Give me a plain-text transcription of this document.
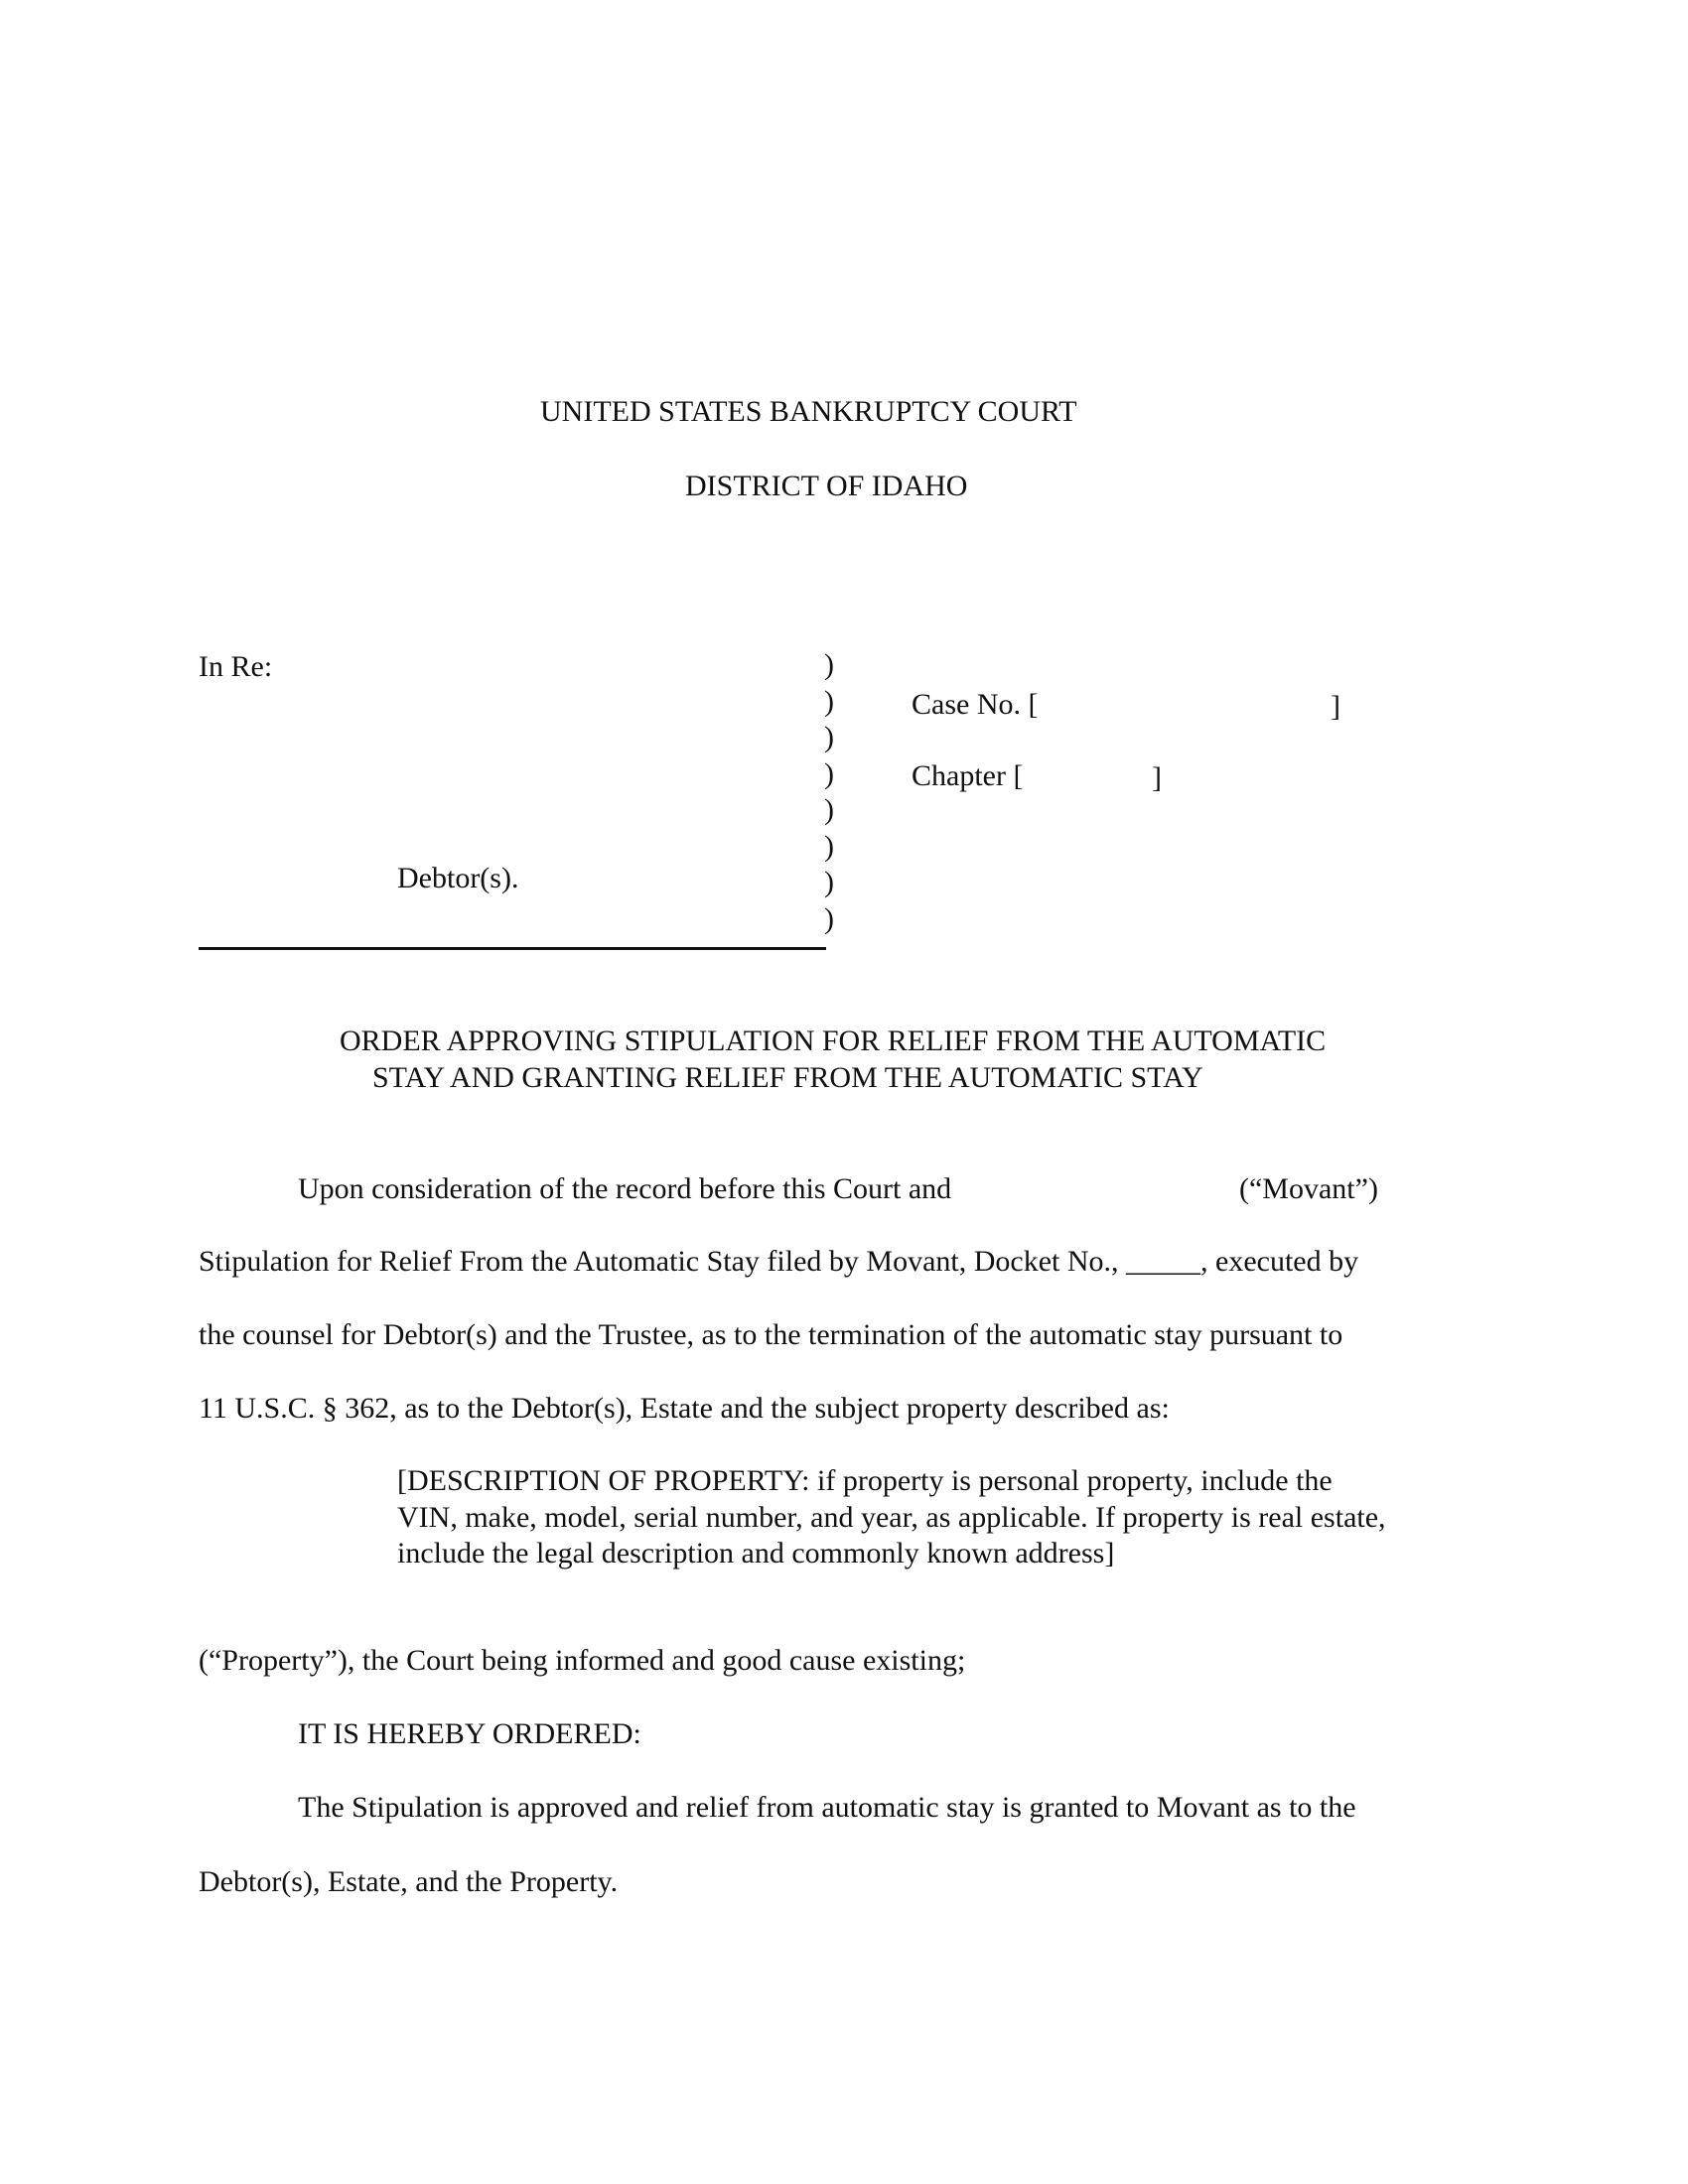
UNITED STATES BANKRUPTCY COURT
DISTRICT OF IDAHO
In Re:
Debtor(s).
)
)
)
)
)
)
)
)
Case No. [	]
Chapter [	]
ORDER APPROVING STIPULATION FOR RELIEF FROM THE AUTOMATIC
STAY AND GRANTING RELIEF FROM THE AUTOMATIC STAY
Upon consideration of the record before this Court and	(“Movant”)
Stipulation for Relief From the Automatic Stay filed by Movant, Docket No., _____, executed by
the counsel for Debtor(s) and the Trustee, as to the termination of the automatic stay pursuant to
11 U.S.C. § 362, as to the Debtor(s), Estate and the subject property described as:
[DESCRIPTION OF PROPERTY: if property is personal property, include the VIN, make, model, serial number, and year, as applicable. If property is real estate, include the legal description and commonly known address]
(“Property”), the Court being informed and good cause existing;
IT IS HEREBY ORDERED:
The Stipulation is approved and relief from automatic stay is granted to Movant as to the
Debtor(s), Estate, and the Property.
